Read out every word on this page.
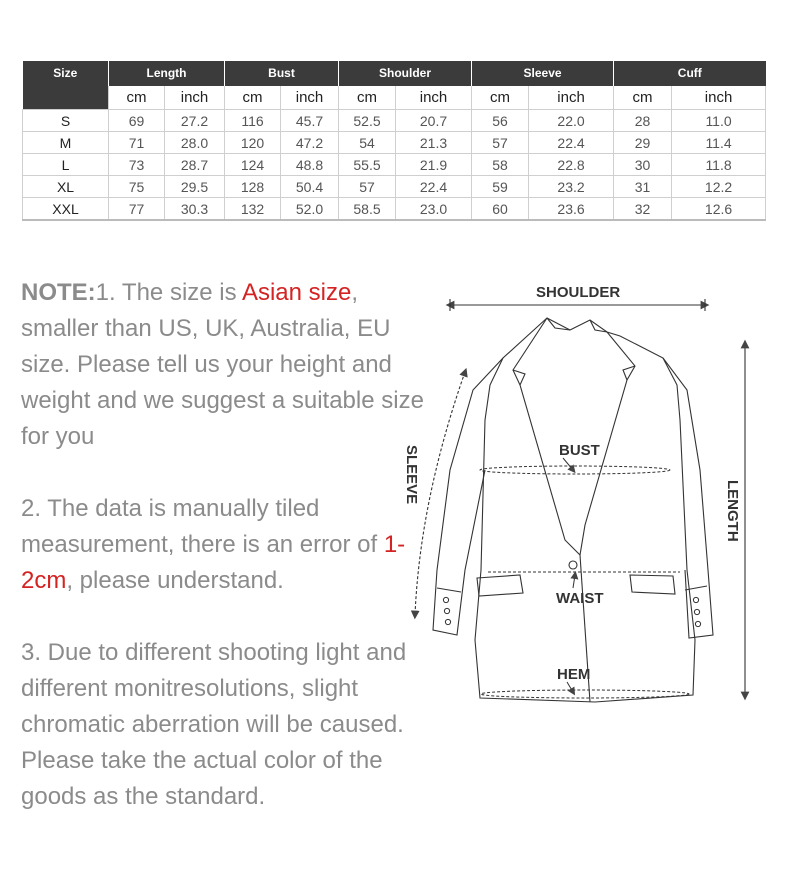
Size	Length		Bust		Shoulder		Sleeve		Cuff	
	cm	inch	cm	inch	cm	inch	cm	inch	cm	inch
S	69	27.2	116	45.7	52.5	20.7	56	22.0	28	11.0
M	71	28.0	120	47.2	54	21.3	57	22.4	29	11.4
L	73	28.7	124	48.8	55.5	21.9	58	22.8	30	11.8
XL	75	29.5	128	50.4	57	22.4	59	23.2	31	12.2
XXL	77	30.3	132	52.0	58.5	23.0	60	23.6	32	12.6

NOTE:1. The size is Asian size, smaller than US, UK, Australia, EU size. Please tell us your height and weight and we suggest a suitable size for you

2. The data is manually tiled measurement, there is an error of 1-2cm, please understand.

3. Due to different shooting light and different monitresolutions, slight chromatic aberration will be caused. Please take the actual color of the goods as the standard.

SHOULDER
LENGTH
SLEEVE	BUST
WAIST
HEM
